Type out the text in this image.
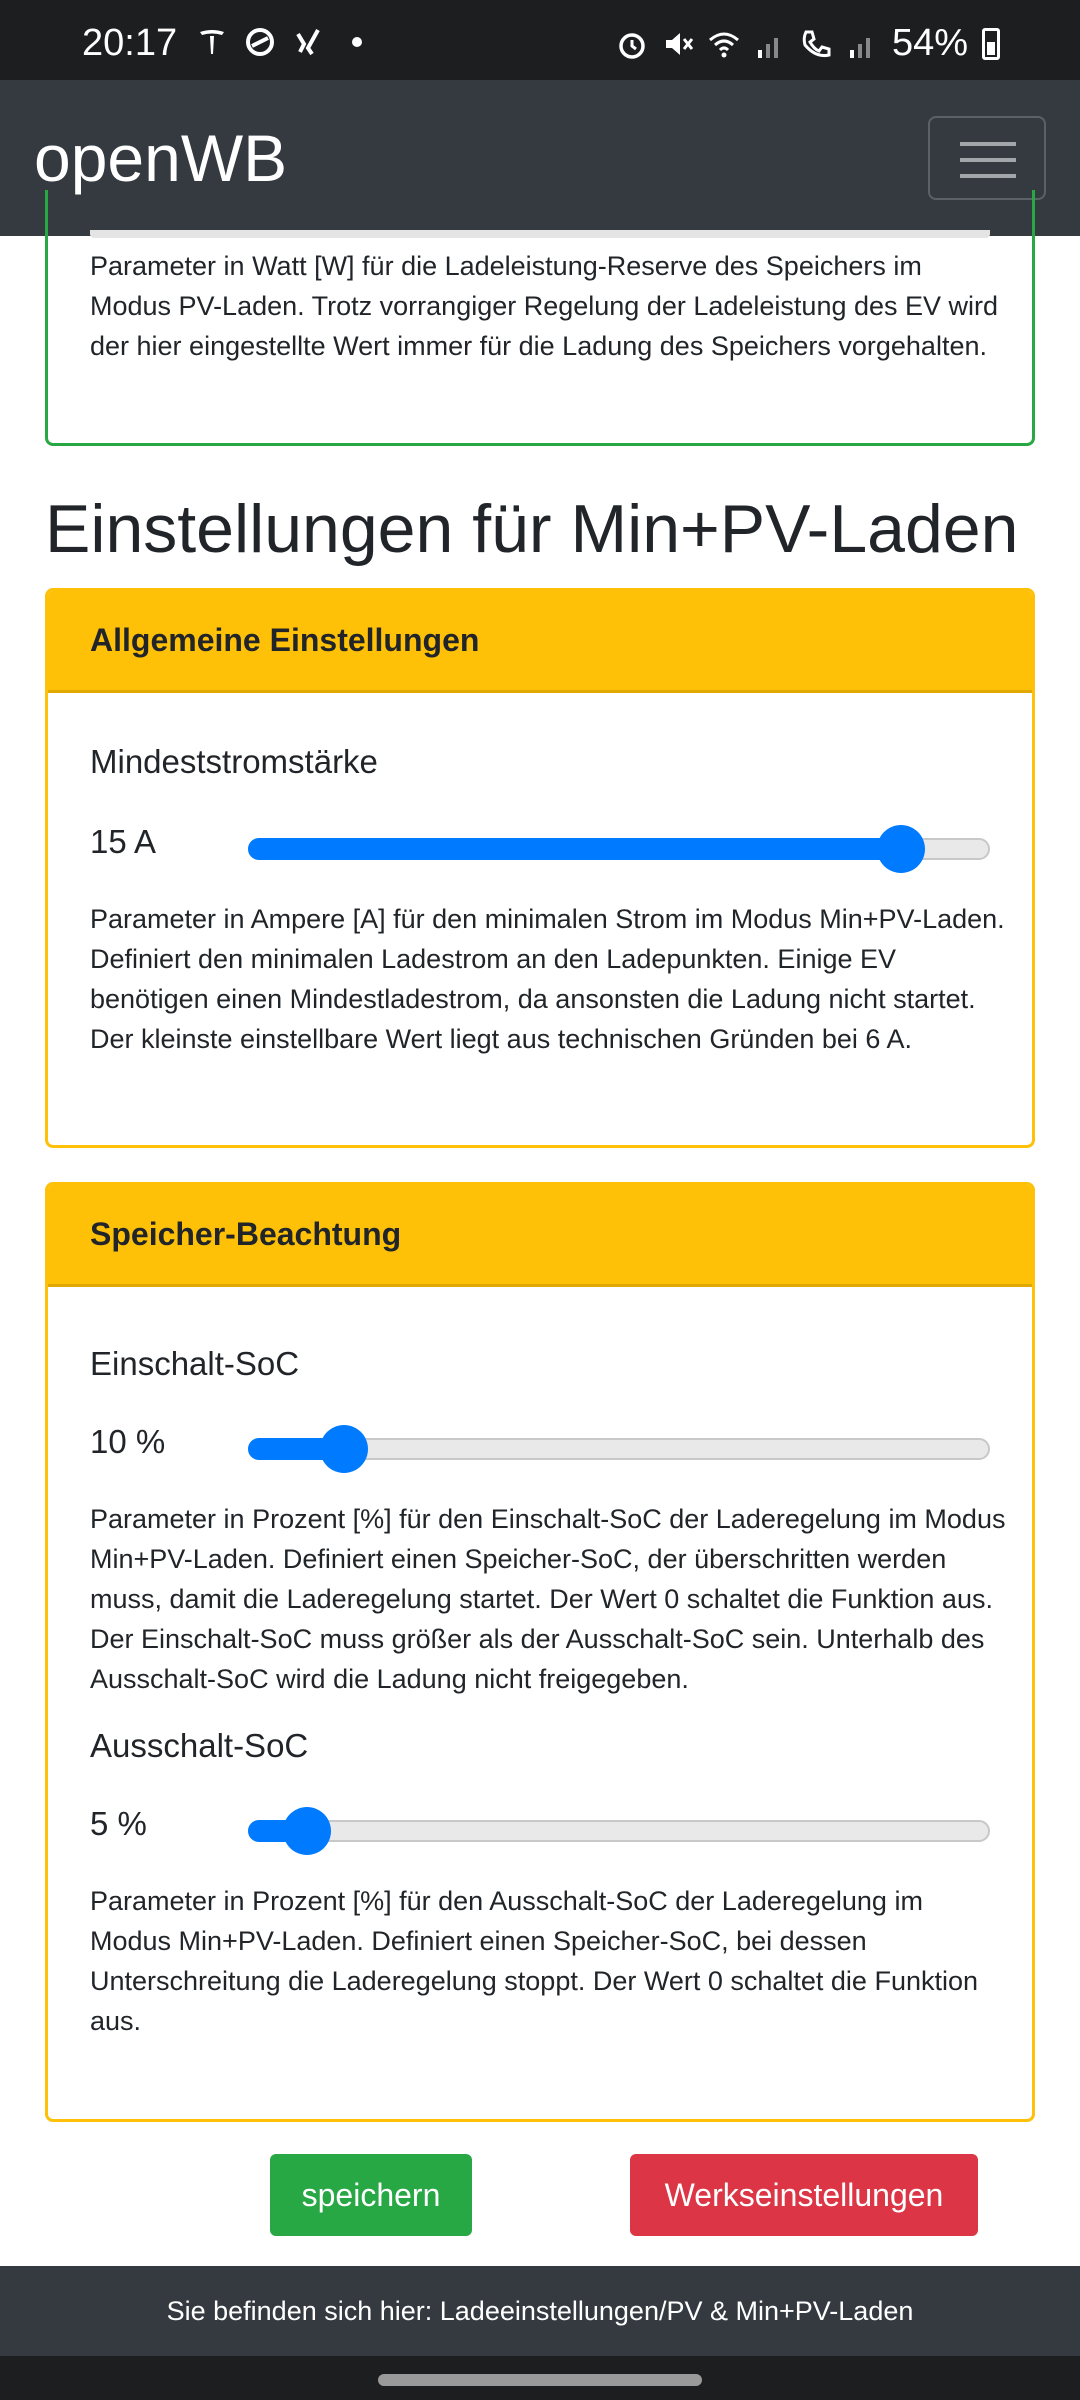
20:17	54%
openWB

Parameter in Watt [W] für die Ladeleistung-Reserve des Speichers im Modus PV-Laden. Trotz vorrangiger Regelung der Ladeleistung des EV wird der hier eingestellte Wert immer für die Ladung des Speichers vorgehalten.

Einstellungen für Min+PV-Laden
Allgemeine Einstellungen
Mindeststromstärke
15 A

Parameter in Ampere [A] für den minimalen Strom im Modus Min+PV-Laden. Definiert den minimalen Ladestrom an den Ladepunkten. Einige EV benötigen einen Mindestladestrom, da ansonsten die Ladung nicht startet. Der kleinste einstellbare Wert liegt aus technischen Gründen bei 6 A.

Speicher-Beachtung
Einschalt-SoC
10 %

Parameter in Prozent [%] für den Einschalt-SoC der Laderegelung im Modus Min+PV-Laden. Definiert einen Speicher-SoC, der überschritten werden muss, damit die Laderegelung startet. Der Wert 0 schaltet die Funktion aus. Der Einschalt-SoC muss größer als der Ausschalt-SoC sein. Unterhalb des Ausschalt-SoC wird die Ladung nicht freigegeben.

Ausschalt-SoC
5 %

Parameter in Prozent [%] für den Ausschalt-SoC der Laderegelung im Modus Min+PV-Laden. Definiert einen Speicher-SoC, bei dessen Unterschreitung die Laderegelung stoppt. Der Wert 0 schaltet die Funktion aus.

speichern	Werkseinstellungen
Sie befinden sich hier: Ladeeinstellungen/PV & Min+PV-Laden
